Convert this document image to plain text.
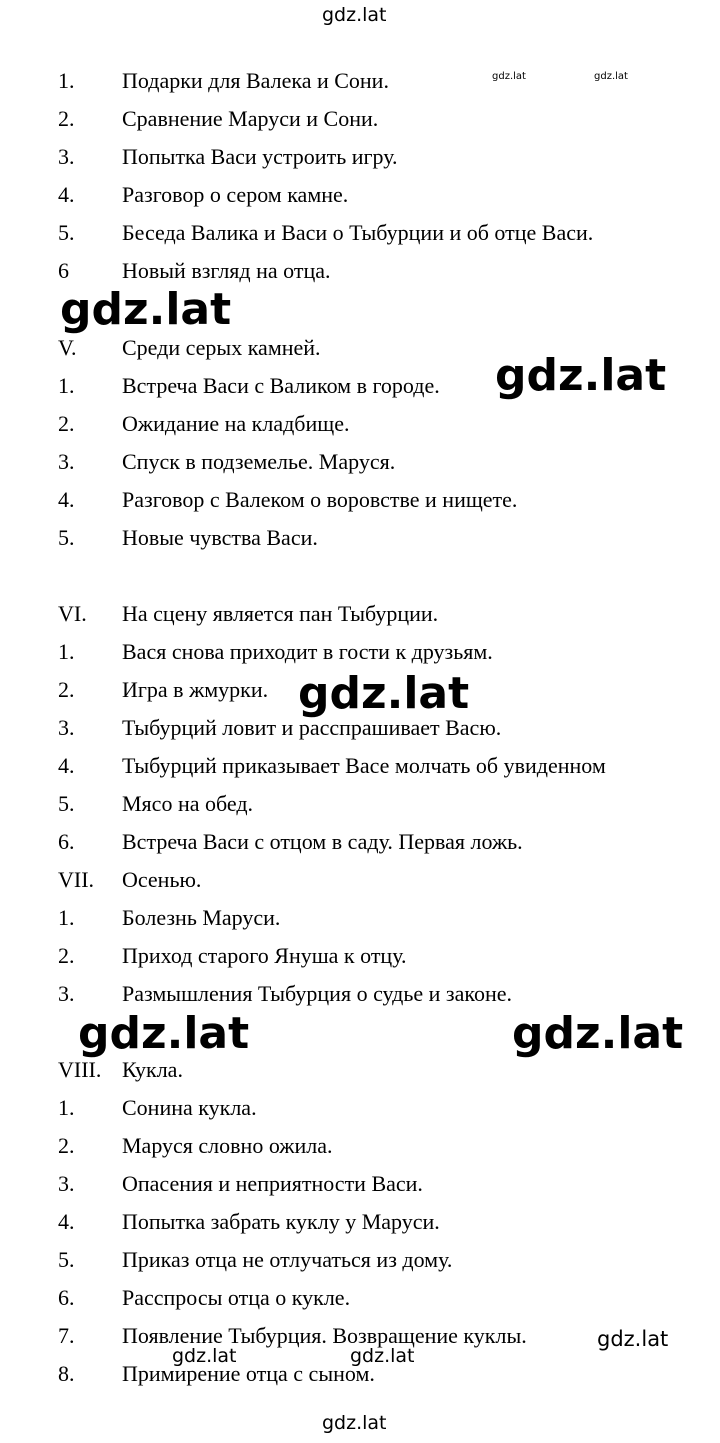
1. Подарки для Валека и Сони.
2. Сравнение Маруси и Сони.
3. Попытка Васи устроить игру.
4. Разговор о сером камне.
5. Беседа Валика и Васи о Тыбурции и об отце Васи.
6 Новый взгляд на отца.
V. Среди серых камней.
1. Встреча Васи с Валиком в городе.
2. Ожидание на кладбище.
3. Спуск в подземелье. Маруся.
4. Разговор с Валеком о воровстве и нищете.
5. Новые чувства Васи.
VI. На сцену является пан Тыбурции.
1. Вася снова приходит в гости к друзьям.
2. Игра в жмурки.
3. Тыбурций ловит и расспрашивает Васю.
4. Тыбурций приказывает Васе молчать об увиденном
5. Мясо на обед.
6. Встреча Васи с отцом в саду. Первая ложь.
VII. Осенью.
1. Болезнь Маруси.
2. Приход старого Януша к отцу.
3. Размышления Тыбурция о судье и законе.
VIII. Кукла.
1. Сонина кукла.
2. Маруся словно ожила.
3. Опасения и неприятности Васи.
4. Попытка забрать куклу у Маруси.
5. Приказ отца не отлучаться из дому.
6. Расспросы отца о кукле.
7. Появление Тыбурция. Возвращение куклы.
8. Примирение отца с сыном.
gdz.lat
gdz.lat	gdz.lat
gdz.lat
gdz.lat
gdz.lat
gdz.lat	gdz.lat
gdz.lat
gdz.lat	gdz.lat
gdz.lat
